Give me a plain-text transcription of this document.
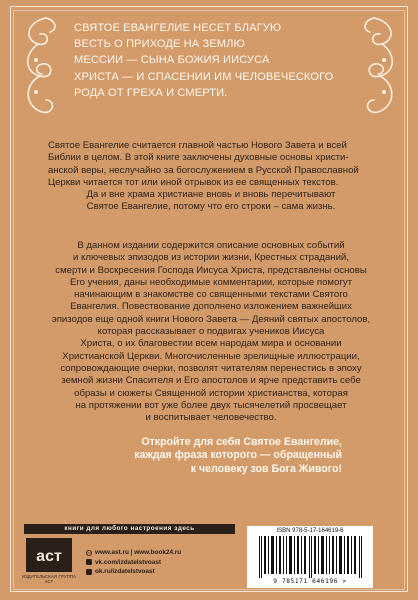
СВЯТОЕ ЕВАНГЕЛИЕ НЕСЕТ БЛАГУЮ
ВЕСТЬ О ПРИХОДЕ НА ЗЕМЛЮ
МЕССИИ — СЫНА БОЖИЯ ИИСУСА
ХРИСТА — И СПАСЕНИИ ИМ ЧЕЛОВЕЧЕСКОГО
РОДА ОТ ГРЕХА И СМЕРТИ.
Святое Евангелие считается главной частью Нового Завета и всей
Библии в целом. В этой книге заключены духовные основы христи-
анской веры, неслучайно за богослужением в Русской Православной
Церкви читается тот или иной отрывок из ее священных текстов.
Да и вне храма христиане вновь и вновь перечитывают
Святое Евангелие, потому что его строки – сама жизнь.
В данном издании содержится описание основных событий
и ключевых эпизодов из истории жизни, Крестных страданий,
смерти и Воскресения Господа Иисуса Христа, представлены основы
Его учения, даны необходимые комментарии, которые помогут
начинающим в знакомстве со священными текстами Святого
Евангелия. Повествование дополнено изложением важнейших
эпизодов еще одной книги Нового Завета — Деяний святых апостолов,
которая рассказывает о подвигах учеников Иисуса
Христа, о их благовестии всем народам мира и основании
Христианской Церкви. Многочисленные зрелищные иллюстрации,
сопровождающие очерки, позволят читателям перенестись в эпоху
земной жизни Спасителя и Его апостолов и ярче представить себе
образы и сюжеты Священной истории христианства, которая
на протяжении вот уже более двух тысячелетий просвещает
и воспитывает человечество.
Откройте для себя Святое Евангелие,
каждая фраза которого — обращенный
к человеку зов Бога Живого!
книги для любого настроения здесь
аст
ИЗДАТЕЛЬСКАЯ ГРУППА АСТ
www.ast.ru | www.book24.ru
vk.com/izdatelstvoast
ok.ru/izdatelstvoast
ISBN 978-5-17-164619-6
9 785171 646196 >
